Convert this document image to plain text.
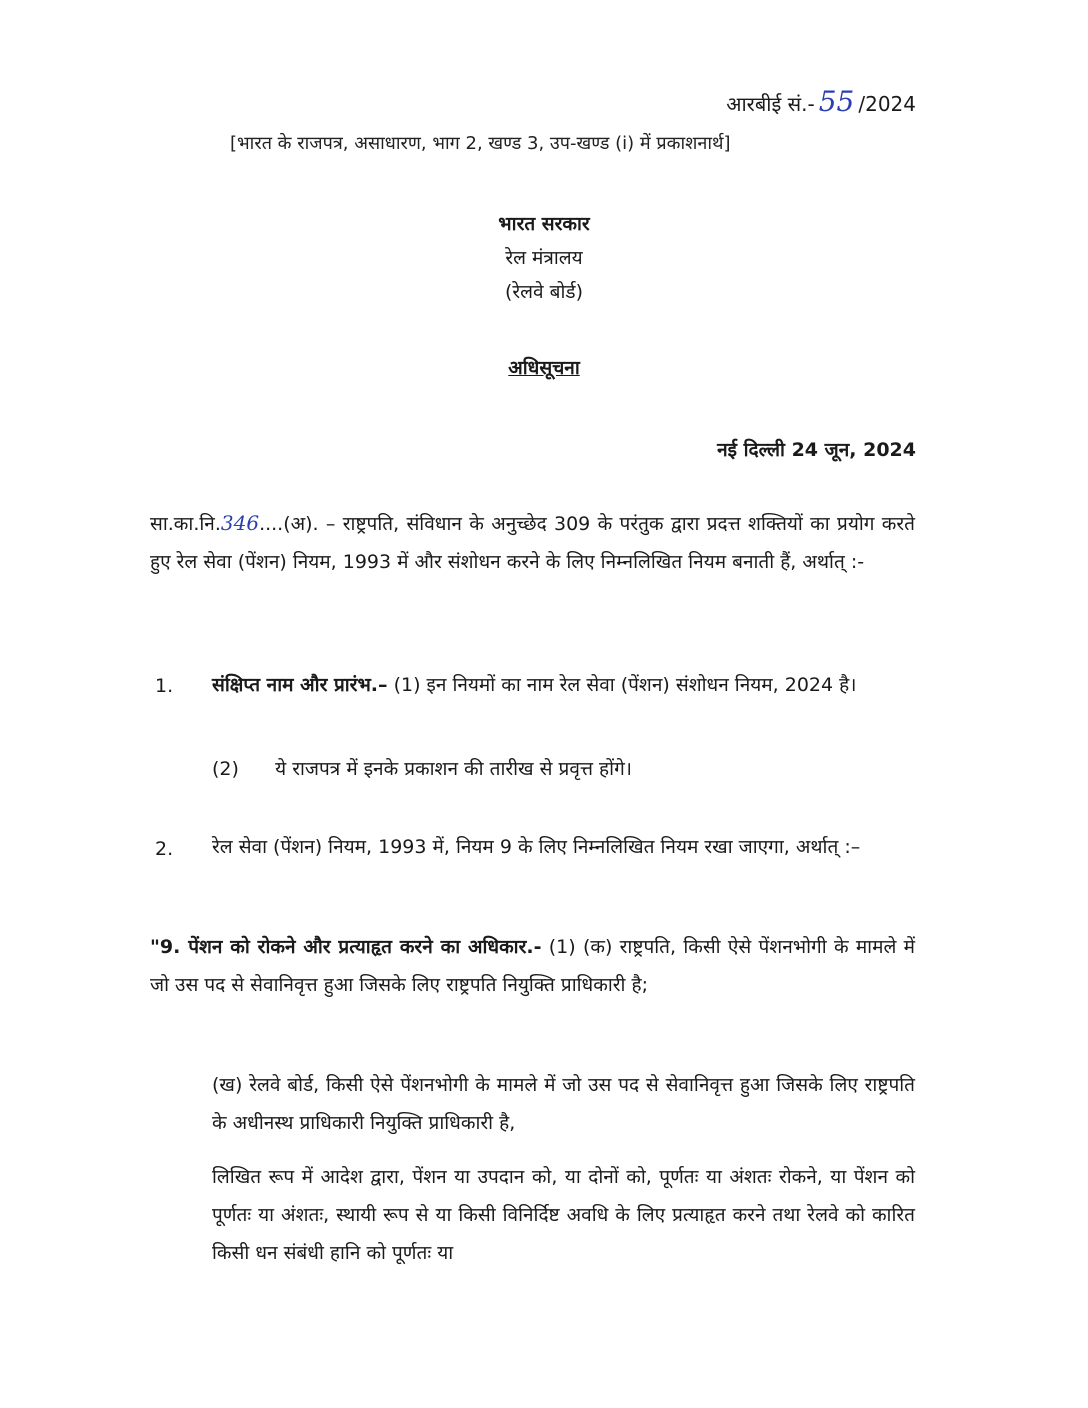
आरबीई सं.- 55 /2024
[भारत के राजपत्र, असाधारण, भाग 2, खण्ड 3, उप-खण्ड (i) में प्रकाशनार्थ]
भारत सरकार
रेल मंत्रालय
(रेलवे बोर्ड)
अधिसूचना
नई दिल्ली 24 जून, 2024
सा.का.नि.346....(अ). – राष्ट्रपति, संविधान के अनुच्छेद 309 के परंतुक द्वारा प्रदत्त शक्तियों का प्रयोग करते हुए रेल सेवा (पेंशन) नियम, 1993 में और संशोधन करने के लिए निम्नलिखित नियम बनाती हैं, अर्थात् :-
1. संक्षिप्त नाम और प्रारंभ.– (1) इन नियमों का नाम रेल सेवा (पेंशन) संशोधन नियम, 2024 है।
(2)      ये राजपत्र में इनके प्रकाशन की तारीख से प्रवृत्त होंगे।
2. रेल सेवा (पेंशन) नियम, 1993 में, नियम 9 के लिए निम्नलिखित नियम रखा जाएगा, अर्थात् :–
"9. पेंशन को रोकने और प्रत्याहृत करने का अधिकार.- (1) (क) राष्ट्रपति, किसी ऐसे पेंशनभोगी के मामले में जो उस पद से सेवानिवृत्त हुआ जिसके लिए राष्ट्रपति नियुक्ति प्राधिकारी है;
(ख) रेलवे बोर्ड, किसी ऐसे पेंशनभोगी के मामले में जो उस पद से सेवानिवृत्त हुआ जिसके लिए राष्ट्रपति के अधीनस्थ प्राधिकारी नियुक्ति प्राधिकारी है,
लिखित रूप में आदेश द्वारा, पेंशन या उपदान को, या दोनों को, पूर्णतः या अंशतः रोकने, या पेंशन को पूर्णतः या अंशतः, स्थायी रूप से या किसी विनिर्दिष्ट अवधि के लिए प्रत्याहृत करने तथा रेलवे को कारित किसी धन संबंधी हानि को पूर्णतः या
